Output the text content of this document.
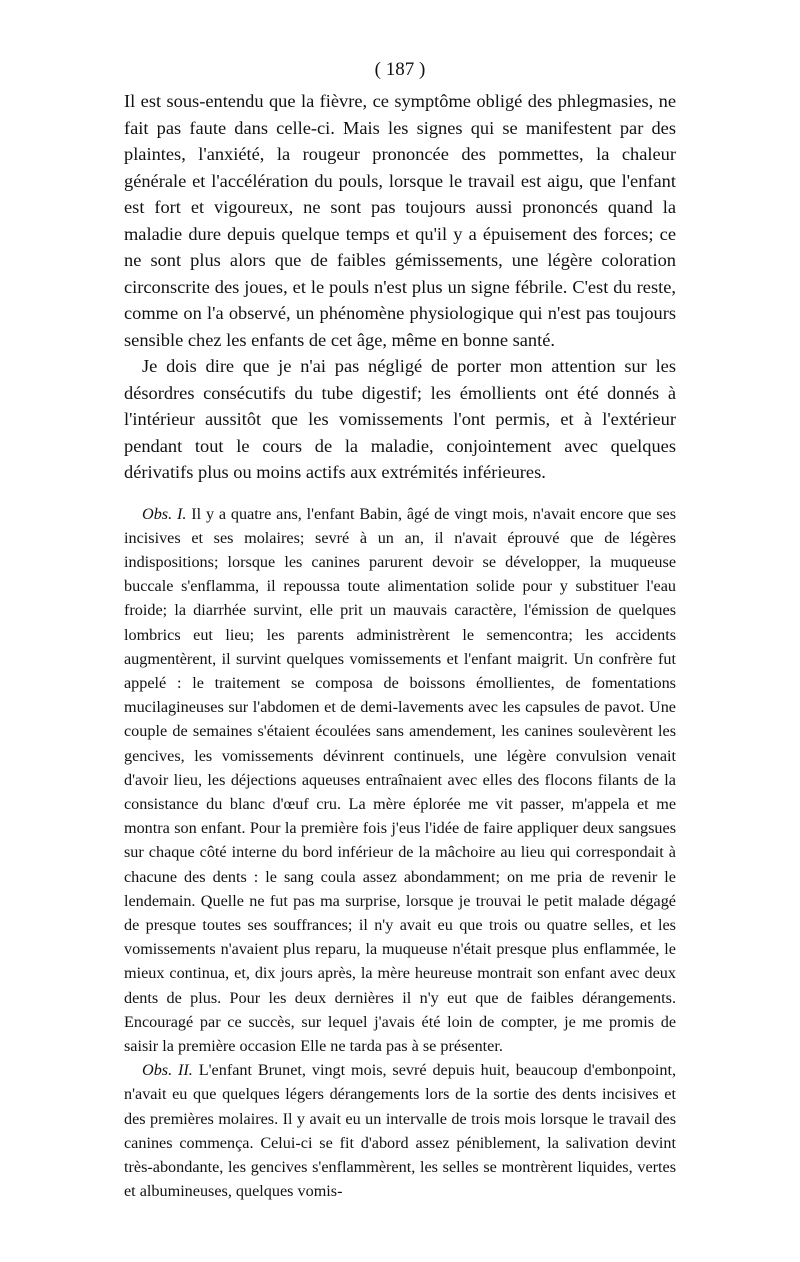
( 187 )

Il est sous-entendu que la fièvre, ce symptôme obligé des phlegmasies, ne fait pas faute dans celle-ci. Mais les signes qui se manifestent par des plaintes, l'anxiété, la rougeur prononcée des pommettes, la chaleur générale et l'accélération du pouls, lorsque le travail est aigu, que l'enfant est fort et vigoureux, ne sont pas toujours aussi prononcés quand la maladie dure depuis quelque temps et qu'il y a épuisement des forces; ce ne sont plus alors que de faibles gémissements, une légère coloration circonscrite des joues, et le pouls n'est plus un signe fébrile. C'est du reste, comme on l'a observé, un phénomène physiologique qui n'est pas toujours sensible chez les enfants de cet âge, même en bonne santé.

Je dois dire que je n'ai pas négligé de porter mon attention sur les désordres consécutifs du tube digestif; les émollients ont été donnés à l'intérieur aussitôt que les vomissements l'ont permis, et à l'extérieur pendant tout le cours de la maladie, conjointement avec quelques dérivatifs plus ou moins actifs aux extrémités inférieures.

Obs. I. Il y a quatre ans, l'enfant Babin, âgé de vingt mois, n'avait encore que ses incisives et ses molaires; sevré à un an, il n'avait éprouvé que de légères indispositions; lorsque les canines parurent devoir se développer, la muqueuse buccale s'enflamma, il repoussa toute alimentation solide pour y substituer l'eau froide; la diarrhée survint, elle prit un mauvais caractère, l'émission de quelques lombrics eut lieu; les parents administrèrent le semencontra; les accidents augmentèrent, il survint quelques vomissements et l'enfant maigrit. Un confrère fut appelé : le traitement se composa de boissons émollientes, de fomentations mucilagineuses sur l'abdomen et de demi-lavements avec les capsules de pavot. Une couple de semaines s'étaient écoulées sans amendement, les canines soulevèrent les gencives, les vomissements dévinrent continuels, une légère convulsion venait d'avoir lieu, les déjections aqueuses entraînaient avec elles des flocons filants de la consistance du blanc d'œuf cru. La mère éplorée me vit passer, m'appela et me montra son enfant. Pour la première fois j'eus l'idée de faire appliquer deux sangsues sur chaque côté interne du bord inférieur de la mâchoire au lieu qui correspondait à chacune des dents : le sang coula assez abondamment; on me pria de revenir le lendemain. Quelle ne fut pas ma surprise, lorsque je trouvai le petit malade dégagé de presque toutes ses souffrances; il n'y avait eu que trois ou quatre selles, et les vomissements n'avaient plus reparu, la muqueuse n'était presque plus enflammée, le mieux continua, et, dix jours après, la mère heureuse montrait son enfant avec deux dents de plus. Pour les deux dernières il n'y eut que de faibles dérangements. Encouragé par ce succès, sur lequel j'avais été loin de compter, je me promis de saisir la première occasion Elle ne tarda pas à se présenter.

Obs. II. L'enfant Brunet, vingt mois, sevré depuis huit, beaucoup d'embonpoint, n'avait eu que quelques légers dérangements lors de la sortie des dents incisives et des premières molaires. Il y avait eu un intervalle de trois mois lorsque le travail des canines commença. Celui-ci se fit d'abord assez péniblement, la salivation devint très-abondante, les gencives s'enflammèrent, les selles se montrèrent liquides, vertes et albumineuses, quelques vomis-
